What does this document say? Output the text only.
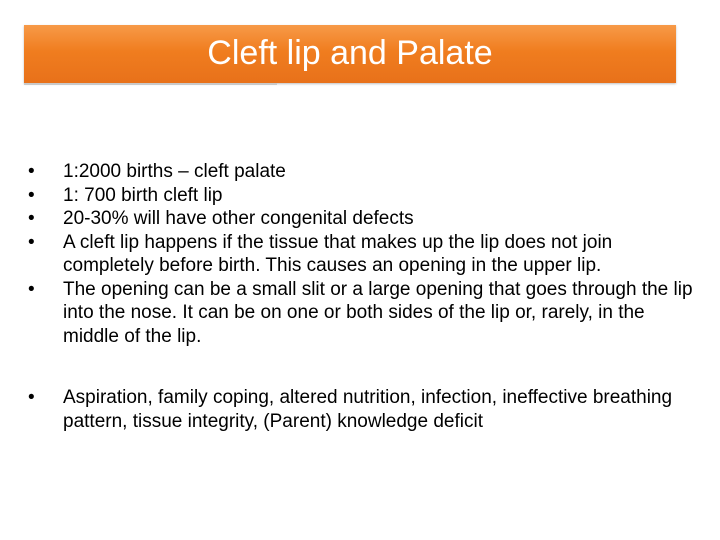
Cleft lip and Palate
• 1:2000 births – cleft palate
• 1: 700 birth cleft lip
• 20-30% will have other congenital defects
• A cleft lip happens if the tissue that makes up the lip does not join completely before birth. This causes an opening in the upper lip.
• The opening can be a small slit or a large opening that goes through the lip into the nose. It can be on one or both sides of the lip or, rarely, in the middle of the lip.
• Aspiration, family coping, altered nutrition, infection, ineffective breathing pattern, tissue integrity, (Parent) knowledge deficit
